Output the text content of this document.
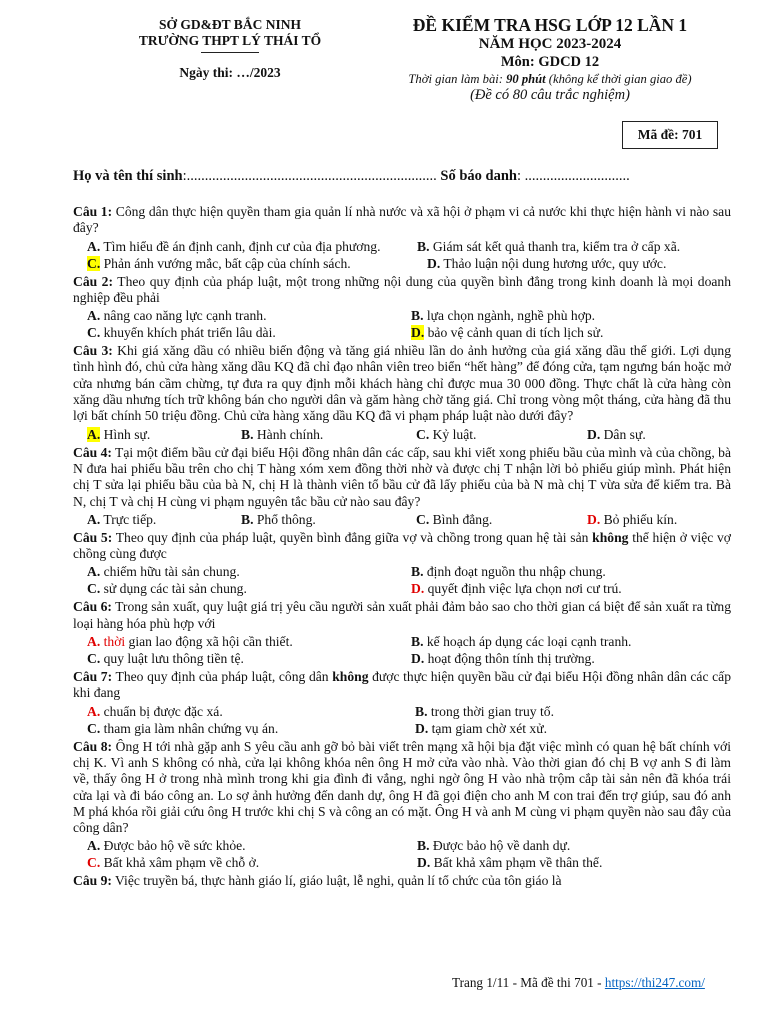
SỞ GD&ĐT BẮC NINH
TRƯỜNG THPT LÝ THÁI TỔ
Ngày thi: …/2023
ĐỀ KIỂM TRA HSG LỚP 12 LẦN 1
NĂM HỌC 2023-2024
Môn: GDCD 12
Thời gian làm bài: 90 phút (không kể thời gian giao đề)
(Đề có 80 câu trắc nghiệm)
Mã đề: 701
Họ và tên thí sinh:..................................................................... Số báo danh: .............................
Câu 1: Công dân thực hiện quyền tham gia quản lí nhà nước và xã hội ở phạm vi cả nước khi thực hiện hành vi nào sau đây?
A. Tìm hiểu đề án định canh, định cư của địa phương.	B. Giám sát kết quả thanh tra, kiểm tra ở cấp xã.
C. Phản ánh vướng mắc, bất cập của chính sách.	D. Thảo luận nội dung hương ước, quy ước.
Câu 2: Theo quy định của pháp luật, một trong những nội dung của quyền bình đẳng trong kinh doanh là mọi doanh nghiệp đều phải
A. nâng cao năng lực cạnh tranh.	B. lựa chọn ngành, nghề phù hợp.
C. khuyến khích phát triển lâu dài.	D. bảo vệ cảnh quan di tích lịch sử.
Câu 3: Khi giá xăng dầu có nhiều biến động và tăng giá nhiều lần do ảnh hưởng của giá xăng dầu thế giới. Lợi dụng tình hình đó, chủ cửa hàng xăng dầu KQ đã chỉ đạo nhân viên treo biển “hết hàng” để đóng cửa, tạm ngưng bán hoặc mở cửa nhưng bán cầm chừng, tự đưa ra quy định mỗi khách hàng chỉ được mua 30 000 đồng. Thực chất là cửa hàng còn xăng dầu nhưng tích trữ không bán cho người dân và găm hàng chờ tăng giá. Chỉ trong vòng một tháng, cửa hàng đã thu lợi bất chính 50 triệu đồng. Chủ cửa hàng xăng dầu KQ đã vi phạm pháp luật nào dưới đây?
A. Hình sự.	B. Hành chính.	C. Kỷ luật.	D. Dân sự.
Câu 4: Tại một điểm bầu cử đại biểu Hội đồng nhân dân các cấp, sau khi viết xong phiếu bầu của mình và của chồng, bà N đưa hai phiếu bầu trên cho chị T hàng xóm xem đồng thời nhờ và được chị T nhận lời bỏ phiếu giúp mình. Phát hiện chị T sửa lại phiếu bầu của bà N, chị H là thành viên tổ bầu cử đã lấy phiếu của bà N mà chị T vừa sửa để kiểm tra. Bà N, chị T và chị H cùng vi phạm nguyên tắc bầu cử nào sau đây?
A. Trực tiếp.	B. Phổ thông.	C. Bình đẳng.	D. Bỏ phiếu kín.
Câu 5: Theo quy định của pháp luật, quyền bình đẳng giữa vợ và chồng trong quan hệ tài sản không thể hiện ở việc vợ chồng cùng được
A. chiếm hữu tài sản chung.	B. định đoạt nguồn thu nhập chung.
C. sử dụng các tài sản chung.	D. quyết định việc lựa chọn nơi cư trú.
Câu 6: Trong sản xuất, quy luật giá trị yêu cầu người sản xuất phải đảm bảo sao cho thời gian cá biệt để sản xuất ra từng loại hàng hóa phù hợp với
A. thời gian lao động xã hội cần thiết.	B. kế hoạch áp dụng các loại cạnh tranh.
C. quy luật lưu thông tiền tệ.	D. hoạt động thôn tính thị trường.
Câu 7: Theo quy định của pháp luật, công dân không được thực hiện quyền bầu cử đại biểu Hội đồng nhân dân các cấp khi đang
A. chuẩn bị được đặc xá.	B. trong thời gian truy tố.
C. tham gia làm nhân chứng vụ án.	D. tạm giam chờ xét xử.
Câu 8: Ông H tới nhà gặp anh S yêu cầu anh gỡ bỏ bài viết trên mạng xã hội bịa đặt việc mình có quan hệ bất chính với chị K. Vì anh S không có nhà, cửa lại không khóa nên ông H mở cửa vào nhà. Vào thời gian đó chị B vợ anh S đi làm về, thấy ông H ở trong nhà mình trong khi gia đình đi vắng, nghi ngờ ông H vào nhà trộm cắp tài sản nên đã khóa trái cửa lại và đi báo công an. Lo sợ ảnh hưởng đến danh dự, ông H đã gọi điện cho anh M con trai đến trợ giúp, sau đó anh M phá khóa rồi giải cứu ông H trước khi chị S và công an có mặt. Ông H và anh M cùng vi phạm quyền nào sau đây của công dân?
A. Được bảo hộ về sức khỏe.	B. Được bảo hộ về danh dự.
C. Bất khả xâm phạm về chỗ ở.	D. Bất khả xâm phạm về thân thể.
Câu 9: Việc truyền bá, thực hành giáo lí, giáo luật, lễ nghi, quản lí tổ chức của tôn giáo là
Trang 1/11 - Mã đề thi 701 - https://thi247.com/
